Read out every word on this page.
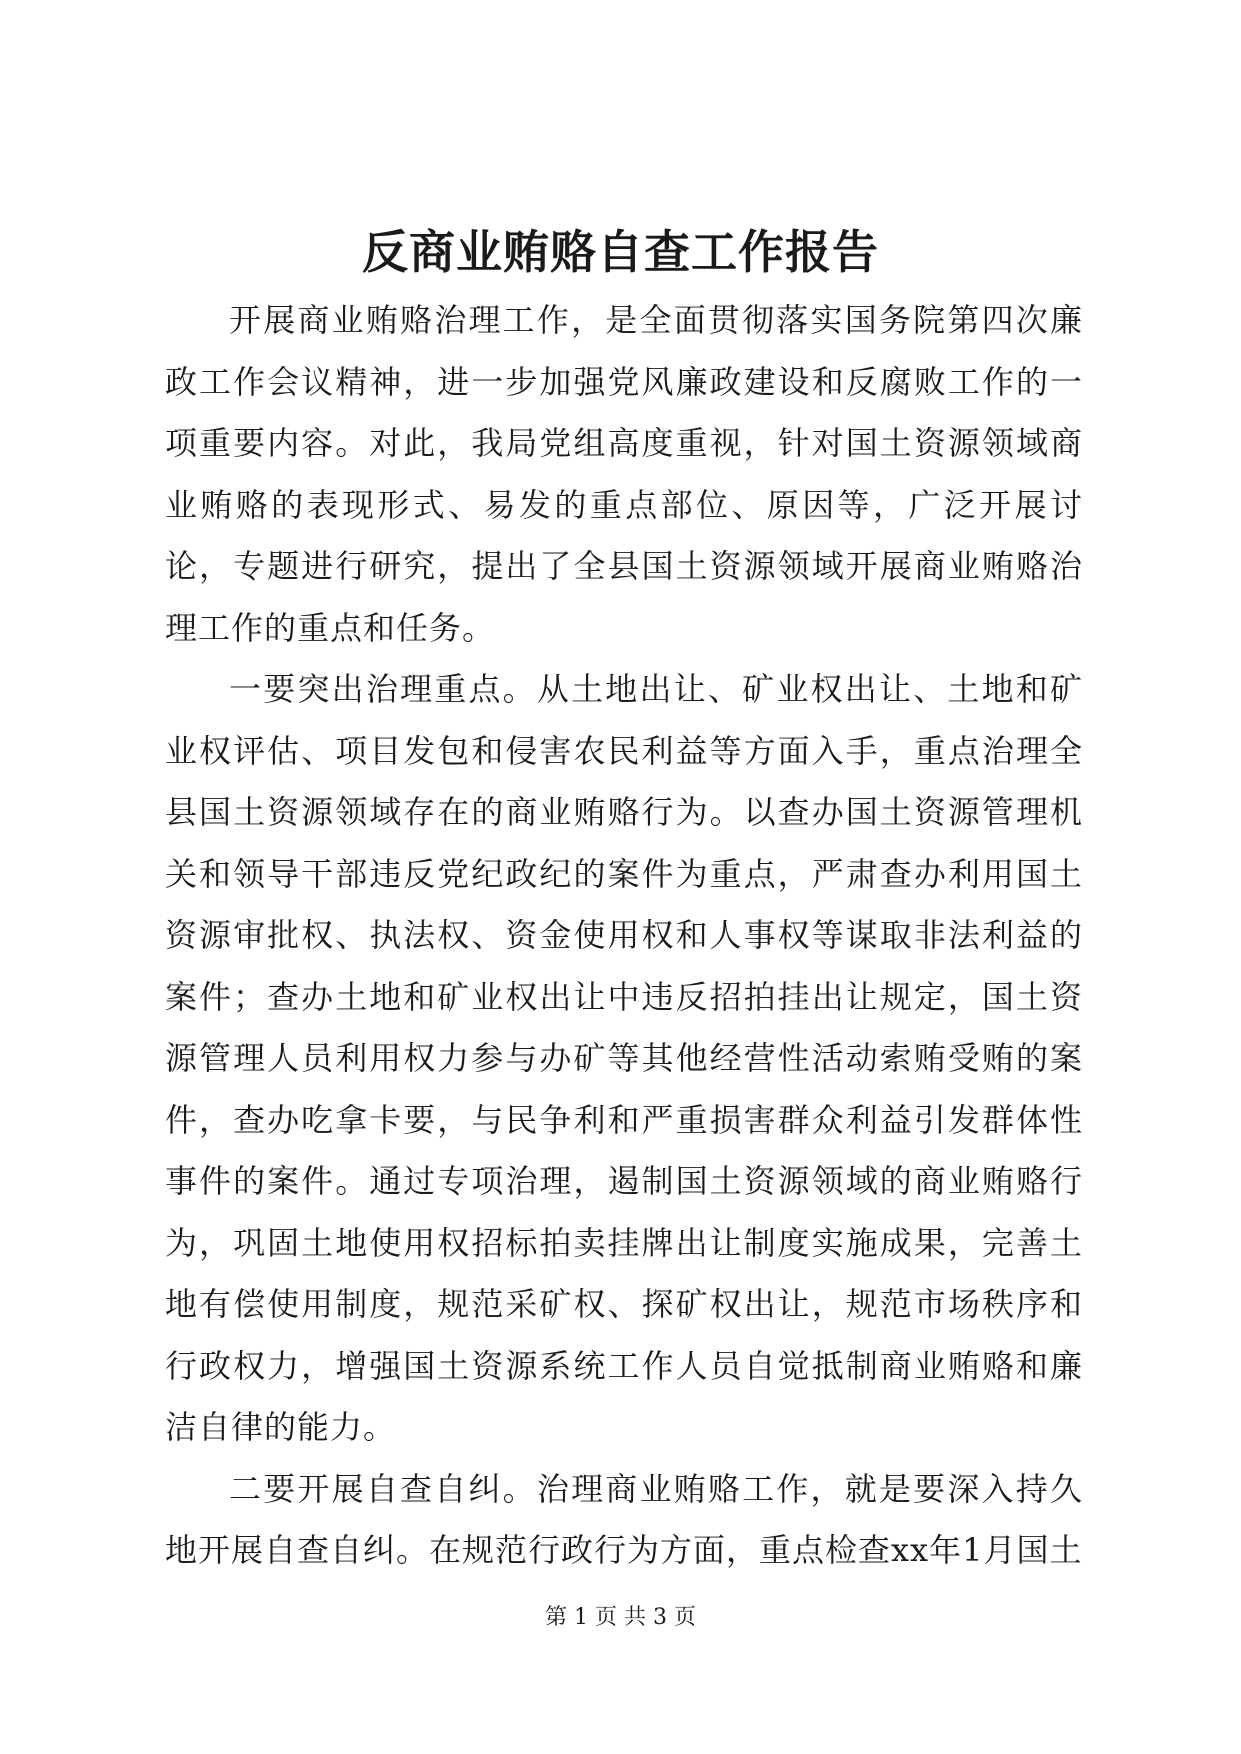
反商业贿赂自查工作报告

开展商业贿赂治理工作，是全面贯彻落实国务院第四次廉政工作会议精神，进一步加强党风廉政建设和反腐败工作的一项重要内容。对此，我局党组高度重视，针对国土资源领域商业贿赂的表现形式、易发的重点部位、原因等，广泛开展讨论，专题进行研究，提出了全县国土资源领域开展商业贿赂治理工作的重点和任务。

一要突出治理重点。从土地出让、矿业权出让、土地和矿业权评估、项目发包和侵害农民利益等方面入手，重点治理全县国土资源领域存在的商业贿赂行为。以查办国土资源管理机关和领导干部违反党纪政纪的案件为重点，严肃查办利用国土资源审批权、执法权、资金使用权和人事权等谋取非法利益的案件；查办土地和矿业权出让中违反招拍挂出让规定，国土资源管理人员利用权力参与办矿等其他经营性活动索贿受贿的案件，查办吃拿卡要，与民争利和严重损害群众利益引发群体性事件的案件。通过专项治理，遏制国土资源领域的商业贿赂行为，巩固土地使用权招标拍卖挂牌出让制度实施成果，完善土地有偿使用制度，规范采矿权、探矿权出让，规范市场秩序和行政权力，增强国土资源系统工作人员自觉抵制商业贿赂和廉洁自律的能力。

二要开展自查自纠。治理商业贿赂工作，就是要深入持久地开展自查自纠。在规范行政行为方面，重点检查xx年1月国土

第 1 页 共 3 页
